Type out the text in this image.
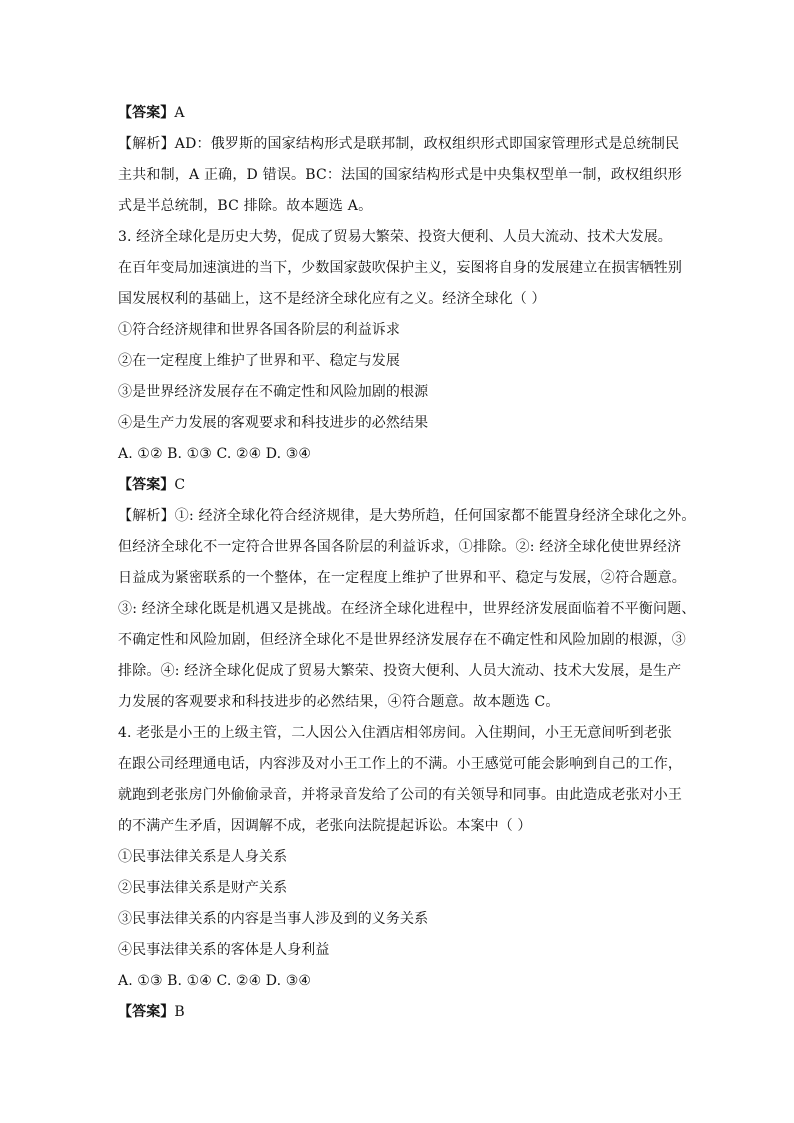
【答案】A
【解析】AD：俄罗斯的国家结构形式是联邦制，政权组织形式即国家管理形式是总统制民
主共和制，A 正确，D 错误。BC：法国的国家结构形式是中央集权型单一制，政权组织形
式是半总统制，BC 排除。故本题选 A。
3. 经济全球化是历史大势，促成了贸易大繁荣、投资大便利、人员大流动、技术大发展。
在百年变局加速演进的当下，少数国家鼓吹保护主义，妄图将自身的发展建立在损害牺牲别
国发展权利的基础上，这不是经济全球化应有之义。经济全球化（ ）
①符合经济规律和世界各国各阶层的利益诉求
②在一定程度上维护了世界和平、稳定与发展
③是世界经济发展存在不确定性和风险加剧的根源
④是生产力发展的客观要求和科技进步的必然结果
A. ①② B. ①③ C. ②④ D. ③④
【答案】C
【解析】①: 经济全球化符合经济规律，是大势所趋，任何国家都不能置身经济全球化之外。
但经济全球化不一定符合世界各国各阶层的利益诉求，①排除。②: 经济全球化使世界经济
日益成为紧密联系的一个整体，在一定程度上维护了世界和平、稳定与发展，②符合题意。
③: 经济全球化既是机遇又是挑战。在经济全球化进程中，世界经济发展面临着不平衡问题、
不确定性和风险加剧，但经济全球化不是世界经济发展存在不确定性和风险加剧的根源，③
排除。④: 经济全球化促成了贸易大繁荣、投资大便利、人员大流动、技术大发展，是生产
力发展的客观要求和科技进步的必然结果，④符合题意。故本题选 C。
4. 老张是小王的上级主管，二人因公入住酒店相邻房间。入住期间，小王无意间听到老张
在跟公司经理通电话，内容涉及对小王工作上的不满。小王感觉可能会影响到自己的工作，
就跑到老张房门外偷偷录音，并将录音发给了公司的有关领导和同事。由此造成老张对小王
的不满产生矛盾，因调解不成，老张向法院提起诉讼。本案中（ ）
①民事法律关系是人身关系
②民事法律关系是财产关系
③民事法律关系的内容是当事人涉及到的义务关系
④民事法律关系的客体是人身利益
A. ①③ B. ①④ C. ②④ D. ③④
【答案】B
